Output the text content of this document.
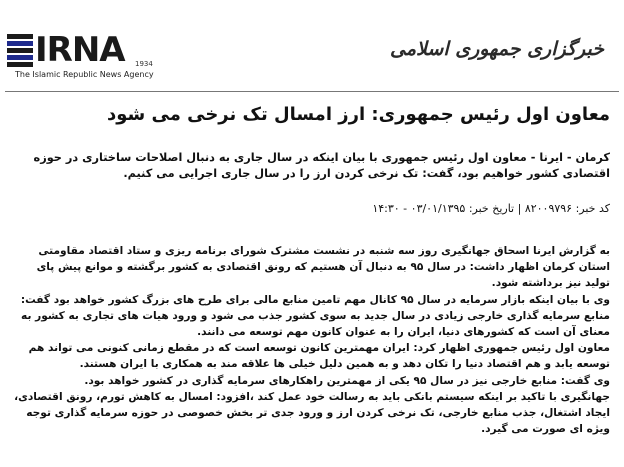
IRNA 1934
The Islamic Republic News Agency
خبرگزاری جمهوری اسلامی
معاون اول رئیس جمهوری: ارز امسال تک نرخی می شود

کرمان - ایرنا - معاون اول رئیس جمهوری با بیان اینکه در سال جاری به دنبال اصلاحات ساختاری در حوزه اقتصادی کشور خواهیم بود، گفت: تک نرخی کردن ارز را در سال جاری اجرایی می کنیم.

کد خبر: ۸۲۰۰۹۷۹۶ | تاریخ خبر: ۰۳/۰۱/۱۳۹۵ - ۱۴:۳۰

به گزارش ایرنا اسحاق جهانگیری روز سه شنبه در نشست مشترک شورای برنامه ریزی و ستاد اقتصاد مقاومتی استان کرمان اظهار داشت: در سال ۹۵ به دنبال آن هستیم که رونق اقتصادی به کشور برگشته و موانع پیش پای تولید نیز برداشته شود.

وی با بیان اینکه بازار سرمایه در سال ۹۵ کانال مهم تامین منابع مالی برای طرح های بزرگ کشور خواهد بود گفت: منابع سرمایه گذاری خارجی زیادی در سال جدید به سوی کشور جذب می شود و ورود هیات های تجاری به کشور به معنای آن است که کشورهای دنیا، ایران را به عنوان کانون مهم توسعه می دانند.

معاون اول رئیس جمهوری اظهار کرد: ایران مهمترین کانون توسعه است که در مقطع زمانی کنونی می تواند هم توسعه یابد و هم اقتصاد دنیا را تکان دهد و به همین دلیل خیلی ها علاقه مند به همکاری با ایران هستند.

وی گفت: منابع خارجی نیز در سال ۹۵ یکی از مهمترین راهکارهای سرمایه گذاری در کشور خواهد بود.

جهانگیری با تاکید بر اینکه سیستم بانکی باید به رسالت خود عمل کند ،افزود: امسال به کاهش تورم، رونق اقتصادی، ایجاد اشتغال، جذب منابع خارجی، تک نرخی کردن ارز و ورود جدی تر بخش خصوصی در حوزه سرمایه گذاری توجه ویژه ای صورت می گیرد.
